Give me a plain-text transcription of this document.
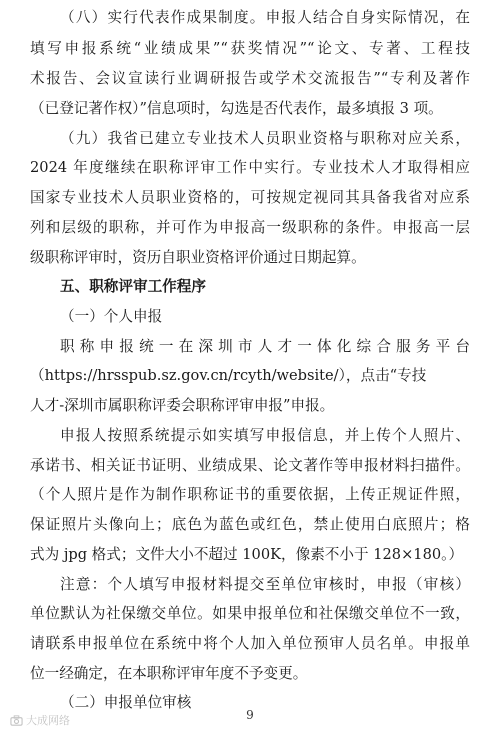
（八）实行代表作成果制度。申报人结合自身实际情况，在
填写申报系统“业绩成果”“获奖情况”“论文、专著、工程技
术报告、会议宣读行业调研报告或学术交流报告”“专利及著作
（已登记著作权）”信息项时，勾选是否代表作，最多填报 3 项。
（九）我省已建立专业技术人员职业资格与职称对应关系，
2024 年度继续在职称评审工作中实行。专业技术人才取得相应
国家专业技术人员职业资格的，可按规定视同其具备我省对应系
列和层级的职称，并可作为申报高一级职称的条件。申报高一层
级职称评审时，资历自职业资格评价通过日期起算。
五、职称评审工作程序
（一）个人申报
职 称 申 报 统 一 在 深 圳 市 人 才 一 体 化 综 合 服 务 平 台
（https://hrsspub.sz.gov.cn/rcyth/website/），点击“专技
人才-深圳市属职称评委会职称评审申报”申报。
申报人按照系统提示如实填写申报信息，并上传个人照片、
承诺书、相关证书证明、业绩成果、论文著作等申报材料扫描件。
（个人照片是作为制作职称证书的重要依据，上传正规证件照，
保证照片头像向上；底色为蓝色或红色，禁止使用白底照片；格
式为 jpg 格式；文件大小不超过 100K，像素不小于 128×180。）
注意：个人填写申报材料提交至单位审核时，申报（审核）
单位默认为社保缴交单位。如果申报单位和社保缴交单位不一致，
请联系申报单位在系统中将个人加入单位预审人员名单。申报单
位一经确定，在本职称评审年度不予变更。
（二）申报单位审核
大成网络	9
